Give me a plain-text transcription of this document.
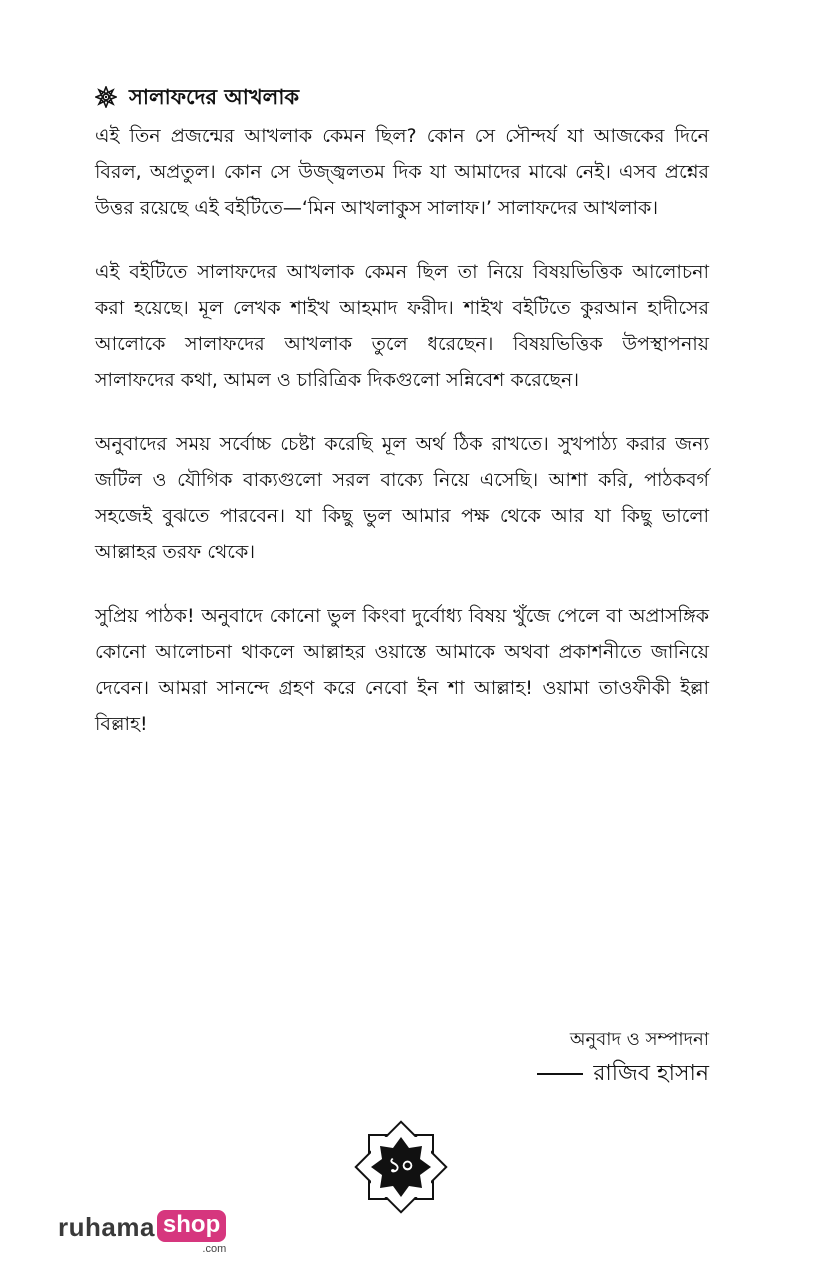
সালাফদের আখলাক

এই তিন প্রজন্মের আখলাক কেমন ছিল? কোন সে সৌন্দর্য যা আজকের দিনে বিরল, অপ্রতুল। কোন সে উজ্জ্বলতম দিক যা আমাদের মাঝে নেই। এসব প্রশ্নের উত্তর রয়েছে এই বইটিতে—‘মিন আখলাকুস সালাফ।’ সালাফদের আখলাক।

এই বইটিতে সালাফদের আখলাক কেমন ছিল তা নিয়ে বিষয়ভিত্তিক আলোচনা করা হয়েছে। মূল লেখক শাইখ আহমাদ ফরীদ। শাইখ বইটিতে কুরআন হাদীসের আলোকে সালাফদের আখলাক তুলে ধরেছেন। বিষয়ভিত্তিক উপস্থাপনায় সালাফদের কথা, আমল ও চারিত্রিক দিকগুলো সন্নিবেশ করেছেন।

অনুবাদের সময় সর্বোচ্চ চেষ্টা করেছি মূল অর্থ ঠিক রাখতে। সুখপাঠ্য করার জন্য জটিল ও যৌগিক বাক্যগুলো সরল বাক্যে নিয়ে এসেছি। আশা করি, পাঠকবর্গ সহজেই বুঝতে পারবেন। যা কিছু ভুল আমার পক্ষ থেকে আর যা কিছু ভালো আল্লাহর তরফ থেকে।

সুপ্রিয় পাঠক! অনুবাদে কোনো ভুল কিংবা দুর্বোধ্য বিষয় খুঁজে পেলে বা অপ্রাসঙ্গিক কোনো আলোচনা থাকলে আল্লাহর ওয়াস্তে আমাকে অথবা প্রকাশনীতে জানিয়ে দেবেন। আমরা সানন্দে গ্রহণ করে নেবো ইন শা আল্লাহ! ওয়ামা তাওফীকী ইল্লা বিল্লাহ!

অনুবাদ ও সম্পাদনা
রাজিব হাসান
১০
ruhama shop
.com
